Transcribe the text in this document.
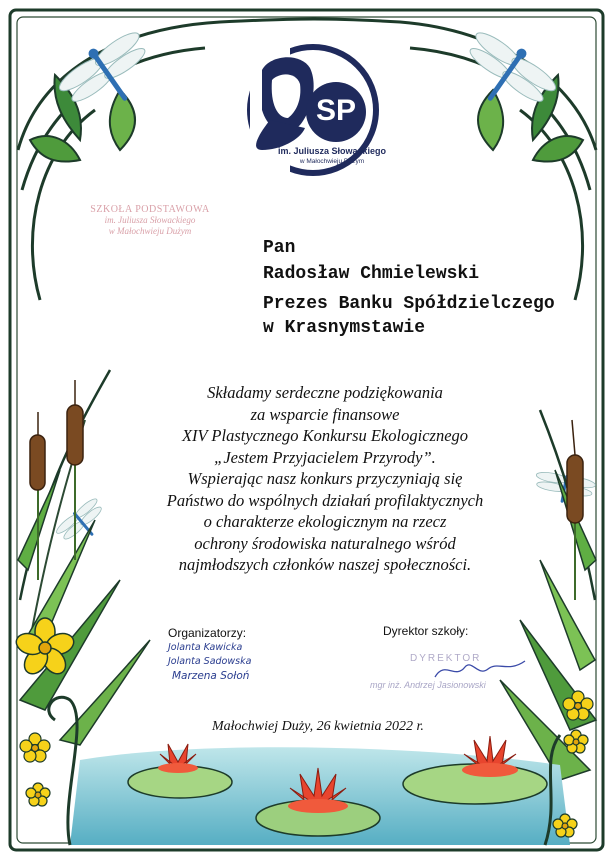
SP
im. Juliusza Słowackiego
w Małochwieju Dużym
SZKOŁA PODSTAWOWA
im. Juliusza Słowackiego
w Małochwieju Dużym
Pan
Radosław Chmielewski
Prezes Banku Spółdzielczego
w Krasnymstawie
Składamy serdeczne podziękowania
za wsparcie finansowe
XIV Plastycznego Konkursu Ekologicznego
„Jestem Przyjacielem Przyrody”.
Wspierając nasz konkurs przyczyniają się
Państwo do wspólnych działań profilaktycznych
o charakterze ekologicznym na rzecz
ochrony środowiska naturalnego wśród
najmłodszych członków naszej społeczności.
Organizatorzy:
Jolanta Kawicka
Jolanta Sadowska
Marzena Sołoń
Dyrektor szkoły:
DYREKTOR
mgr inż. Andrzej Jasionowski
Małochwiej Duży, 26 kwietnia 2022 r.
